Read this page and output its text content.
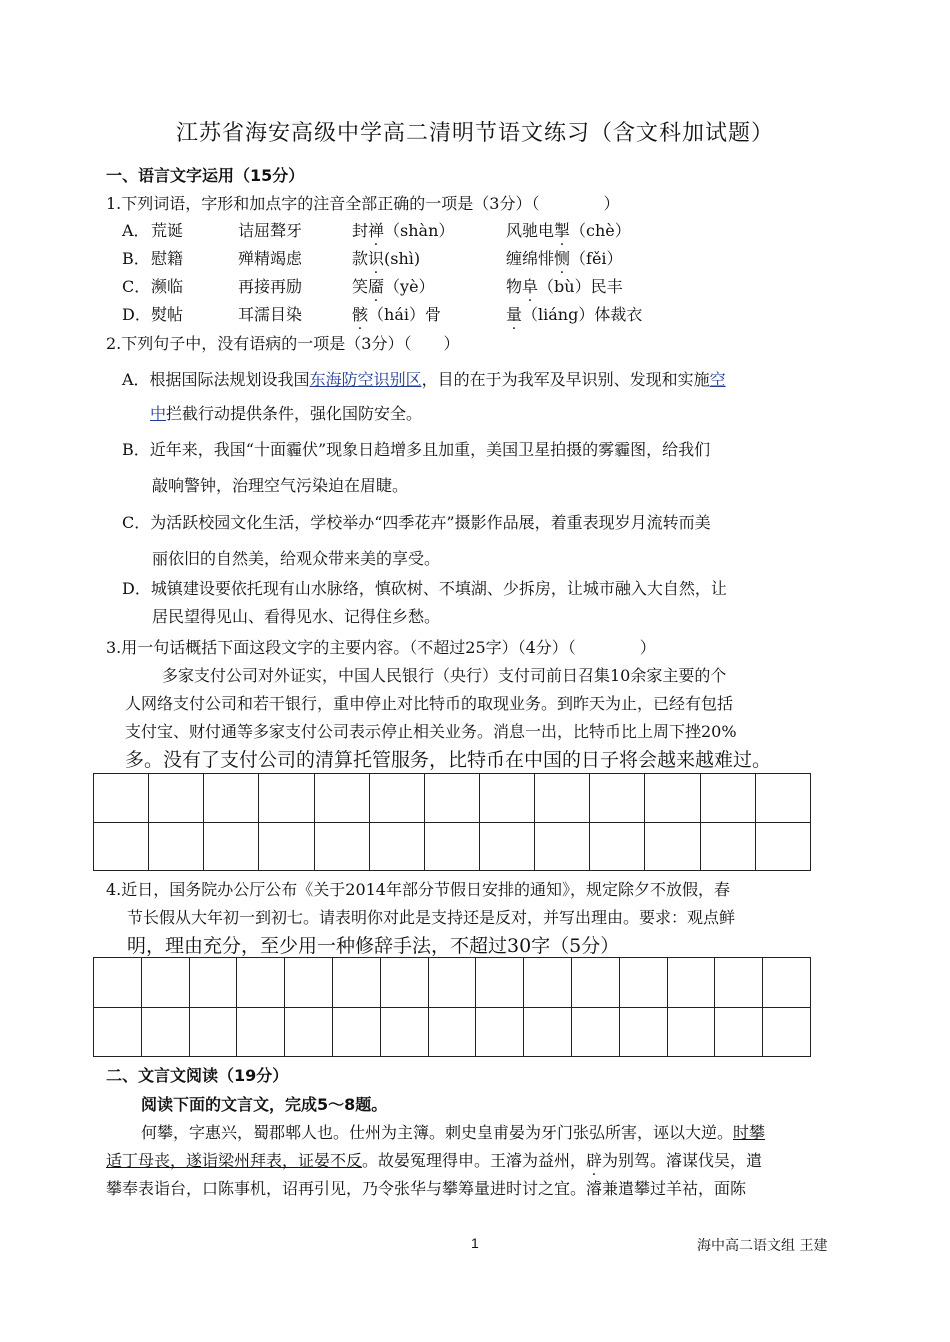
江苏省海安高级中学高二清明节语文练习（含文科加试题）
一、语言文字运用（15分）
1.下列词语，字形和加点字的注音全部正确的一项是（3分）（　　　　）
A． 荒诞	诘屈聱牙	封禅（shàn）	风驰电掣（chè）
B． 慰籍	殚精竭虑	款识(shì)	缠绵悱恻（fěi）
C． 濒临	再接再励	笑靥（yè）	物阜（bù）民丰
D． 熨帖	耳濡目染	骸（hái）骨	量（liáng）体裁衣
2.下列句子中，没有语病的一项是（3分）（　　）
A．根据国际法规划设我国东海防空识别区，目的在于为我军及早识别、发现和实施空
中拦截行动提供条件，强化国防安全。
B．近年来，我国“十面霾伏”现象日趋增多且加重，美国卫星拍摄的雾霾图，给我们
敲响警钟，治理空气污染迫在眉睫。
C．为活跃校园文化生活，学校举办“四季花卉”摄影作品展，着重表现岁月流转而美
丽依旧的自然美，给观众带来美的享受。
D．城镇建设要依托现有山水脉络，慎砍树、不填湖、少拆房，让城市融入大自然，让
居民望得见山、看得见水、记得住乡愁。
3.用一句话概括下面这段文字的主要内容。（不超过25字）（4分）（　　　　）
多家支付公司对外证实，中国人民银行（央行）支付司前日召集10余家主要的个
人网络支付公司和若干银行，重申停止对比特币的取现业务。到昨天为止，已经有包括
支付宝、财付通等多家支付公司表示停止相关业务。消息一出，比特币比上周下挫20%
多。没有了支付公司的清算托管服务，比特币在中国的日子将会越来越难过。

4.近日，国务院办公厅公布《关于2014年部分节假日安排的通知》，规定除夕不放假，春
节长假从大年初一到初七。请表明你对此是支持还是反对，并写出理由。要求：观点鲜
明，理由充分，至少用一种修辞手法，不超过30字（5分）

二、文言文阅读（19分）
阅读下面的文言文，完成5～8题。
何攀，字惠兴，蜀郡郫人也。仕州为主簿。刺史皇甫晏为牙门张弘所害，诬以大逆。时攀
适丁母丧，遂诣梁州拜表，证晏不反。故晏冤理得申。王濬为益州，辟为别驾。濬谋伐吴，遣
攀奉表诣台，口陈事机，诏再引见，乃令张华与攀筹量进时讨之宜。濬兼遣攀过羊祜，面陈
1	海中高二语文组 王建
